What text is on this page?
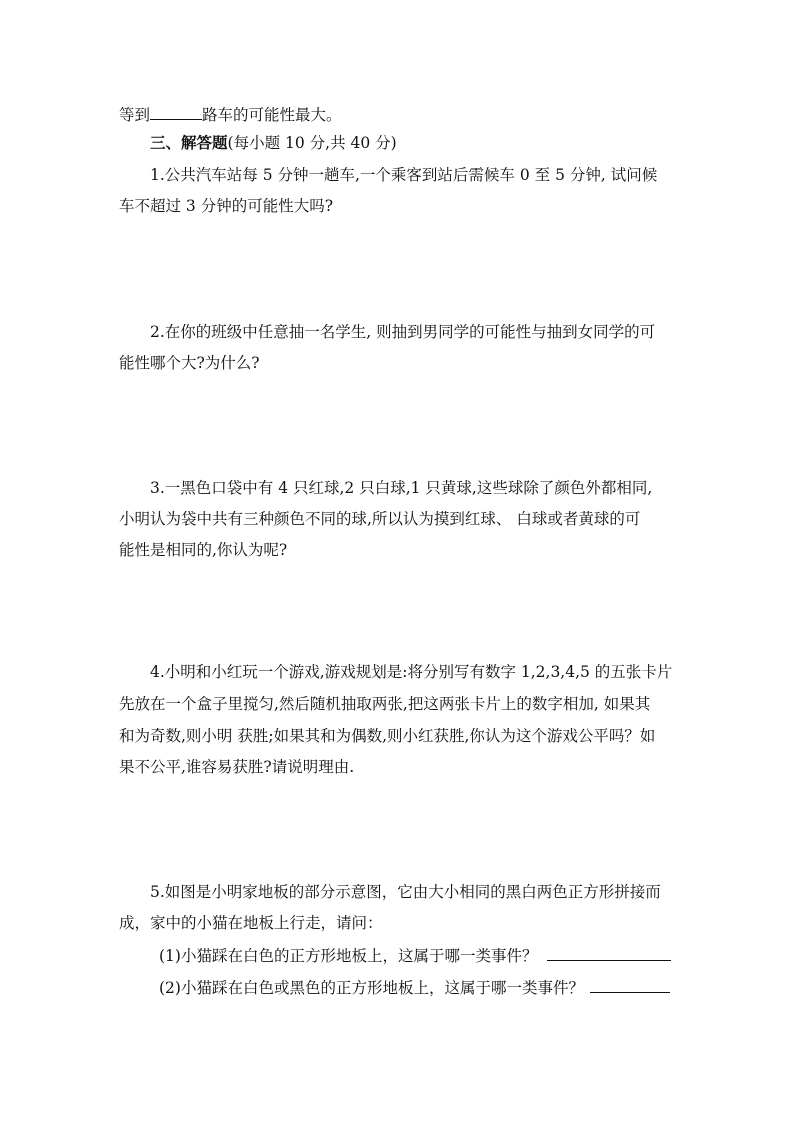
等到	路车的可能性最大。
三、解答题(每小题 10 分,共 40 分)
1.公共汽车站每 5 分钟一趟车,一个乘客到站后需候车 0 至 5 分钟, 试问候
车不超过 3 分钟的可能性大吗?
2.在你的班级中任意抽一名学生, 则抽到男同学的可能性与抽到女同学的可
能性哪个大?为什么?
3.一黑色口袋中有 4 只红球,2 只白球,1 只黄球,这些球除了颜色外都相同,
小明认为袋中共有三种颜色不同的球,所以认为摸到红球、 白球或者黄球的可
能性是相同的,你认为呢?
4.小明和小红玩一个游戏,游戏规划是:将分别写有数字 1,2,3,4,5 的五张卡片
先放在一个盒子里搅匀,然后随机抽取两张,把这两张卡片上的数字相加, 如果其
和为奇数,则小明 获胜;如果其和为偶数,则小红获胜,你认为这个游戏公平吗？如
果不公平,谁容易获胜?请说明理由.
5.如图是小明家地板的部分示意图，它由大小相同的黑白两色正方形拼接而
成，家中的小猫在地板上行走，请问：
(1)小猫踩在白色的正方形地板上，这属于哪一类事件？
(2)小猫踩在白色或黑色的正方形地板上，这属于哪一类事件？
